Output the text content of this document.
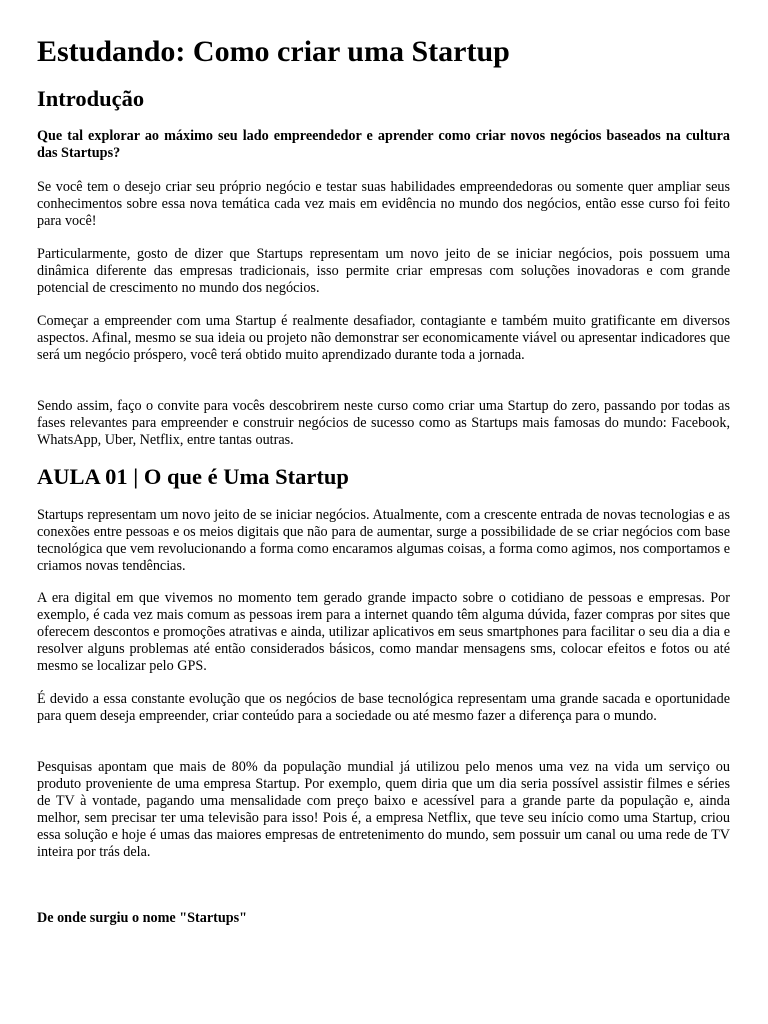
Estudando: Como criar uma Startup
Introdução

Que tal explorar ao máximo seu lado empreendedor e aprender como criar novos negócios baseados na cultura das Startups?

Se você tem o desejo criar seu próprio negócio e testar suas habilidades empreendedoras ou somente quer ampliar seus conhecimentos sobre essa nova temática cada vez mais em evidência no mundo dos negócios, então esse curso foi feito para você!

Particularmente, gosto de dizer que Startups representam um novo jeito de se iniciar negócios, pois possuem uma dinâmica diferente das empresas tradicionais, isso permite criar empresas com soluções inovadoras e com grande potencial de crescimento no mundo dos negócios.

Começar a empreender com uma Startup é realmente desafiador, contagiante e também muito gratificante em diversos aspectos. Afinal, mesmo se sua ideia ou projeto não demonstrar ser economicamente viável ou apresentar indicadores que será um negócio próspero, você terá obtido muito aprendizado durante toda a jornada.

Sendo assim, faço o convite para vocês descobrirem neste curso como criar uma Startup do zero, passando por todas as fases relevantes para empreender e construir negócios de sucesso como as Startups mais famosas do mundo: Facebook, WhatsApp, Uber, Netflix, entre tantas outras.

AULA 01 | O que é Uma Startup

Startups representam um novo jeito de se iniciar negócios. Atualmente, com a crescente entrada de novas tecnologias e as conexões entre pessoas e os meios digitais que não para de aumentar, surge a possibilidade de se criar negócios com base tecnológica que vem revolucionando a forma como encaramos algumas coisas, a forma como agimos, nos comportamos e criamos novas tendências.

A era digital em que vivemos no momento tem gerado grande impacto sobre o cotidiano de pessoas e empresas. Por exemplo, é cada vez mais comum as pessoas irem para a internet quando têm alguma dúvida, fazer compras por sites que oferecem descontos e promoções atrativas e ainda, utilizar aplicativos em seus smartphones para facilitar o seu dia a dia e resolver alguns problemas até então considerados básicos, como mandar mensagens sms, colocar efeitos e fotos ou até mesmo se localizar pelo GPS.

É devido a essa constante evolução que os negócios de base tecnológica representam uma grande sacada e oportunidade para quem deseja empreender, criar conteúdo para a sociedade ou até mesmo fazer a diferença para o mundo.

Pesquisas apontam que mais de 80% da população mundial já utilizou pelo menos uma vez na vida um serviço ou produto proveniente de uma empresa Startup. Por exemplo, quem diria que um dia seria possível assistir filmes e séries de TV à vontade, pagando uma mensalidade com preço baixo e acessível para a grande parte da população e, ainda melhor, sem precisar ter uma televisão para isso! Pois é, a empresa Netflix, que teve seu início como uma Startup, criou essa solução e hoje é umas das maiores empresas de entretenimento do mundo, sem possuir um canal ou uma rede de TV inteira por trás dela.

De onde surgiu o nome "Startups"
